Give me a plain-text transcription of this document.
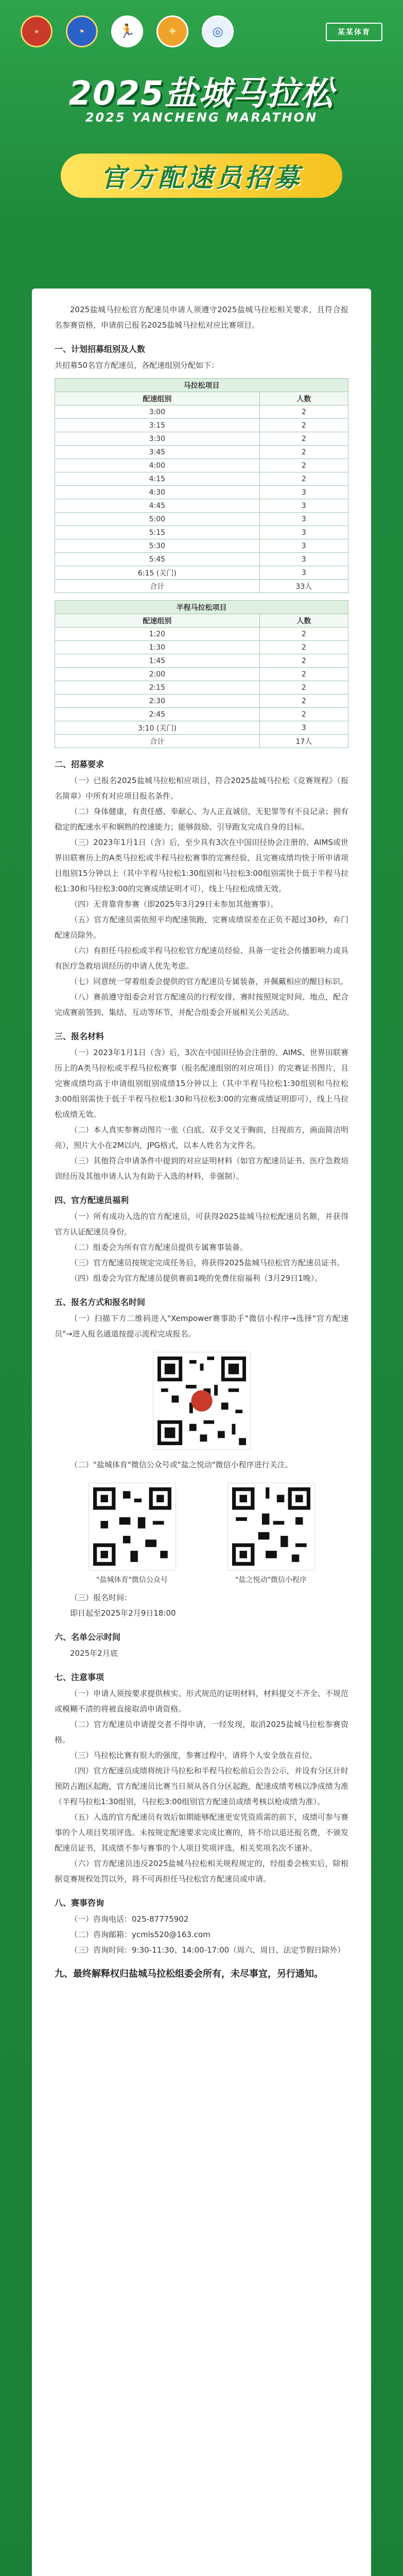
★	⚑	🏃	✦	◎	某某体育
2025盐城马拉松
2025 YANCHENG MARATHON
官方配速员招募

2025盐城马拉松官方配速员申请人须遵守2025盐城马拉松相关要求，且符合报名参赛资格，申请前已报名2025盐城马拉松对应比赛项目。

一、计划招募组别及人数

共招募50名官方配速员，各配速组别分配如下：

马拉松项目	
配速组别	人数
3:00	2
3:15	2
3:30	2
3:45	2
4:00	2
4:15	2
4:30	3
4:45	3
5:00	3
5:15	3
5:30	3
5:45	3
6:15 (关门)	3
合计	33人
半程马拉松项目	
配速组别	人数
1:20	2
1:30	2
1:45	2
2:00	2
2:15	2
2:30	2
2:45	2
3:10 (关门)	3
合计	17人
二、招募要求

（一）已报名2025盐城马拉松相应项目，符合2025盐城马拉松《竞赛规程》（报名简章）中所有对应项目报名条件。

（二）身体健康，有责任感、奉献心、为人正直诚信，无犯罪等有不良记录；拥有稳定的配速水平和娴熟的控速能力；能够鼓励、引导跑友完成自身的目标。

（三）2023年1月1日（含）后，至少具有3次在中国田径协会注册的、AIMS或世界田联赛历上的A类马拉松或半程马拉松赛事的完赛经验，且完赛成绩均快于所申请项目组别15分钟以上（其中半程马拉松1:30组别和马拉松3:00组别需快于低于半程马拉松1:30和马拉松3:00的完赛成绩证明才可），线上马拉松成绩无效。

（四）无背靠背参赛（即2025年3月29日未参加其他赛事）。

（五）官方配速员需依照平均配速领跑，完赛成绩误差在正负不超过30秒，弃门配速员除外。

（六）有担任马拉松或半程马拉松官方配速员经验、具备一定社会传播影响力或具有医疗急救培训经历的申请人优先考虑。

（七）同意统一穿着组委会提供的官方配速员专属装备，并佩戴相应的醒目标识。

（八）赛前遵守组委会对官方配速员的行程安排，赛时按照规定时间、地点，配合完成赛前签到、集结、互动等环节，并配合组委会开展相关公关活动。

三、报名材料

（一）2023年1月1日（含）后，3次在中国田径协会注册的、AIMS、世界田联赛历上的A类马拉松或半程马拉松赛事（报名配速组别的对应项目）的完赛证书图片，且完赛成绩均高于申请组别组别成绩15分钟以上（其中半程马拉松1:30组别和马拉松3:00组别需快于低于半程马拉松1:30和马拉松3:00的完赛成绩证明即可），线上马拉松成绩无效。

（二）本人真实参赛动图片一张（白底、双手交叉于胸前，目视前方，画面简洁明亮），照片大小在2M以内，JPG格式，以本人姓名为文件名。

（三）其他符合申请条件中提到的对应证明材料（如官方配速员证书、医疗急救培训经历及其他申请人认为有助于入选的材料，非强制）。

四、官方配速员福利

（一）所有成功入选的官方配速员，可获得2025盐城马拉松配速员名额，并获得官方认证配速员身份。

（二）组委会为所有官方配速员提供专属赛事装备。

（三）官方配速员按规定完成任务后，将获得2025盐城马拉松官方配速员证书。

（四）组委会为官方配速员提供赛前1晚的免费住宿福利（3月29日1晚）。

五、报名方式和报名时间

（一）扫描下方二维码进入"Xempower赛事助手"微信小程序→选择"官方配速员"→进入报名通道按提示流程完成报名。

（二）"盐城体育"微信公众号或"盐之悦动"微信小程序进行关注。

"盐城体育"微信公众号	"盐之悦动"微信小程序

（三）报名时间：

即日起至2025年2月9日18:00

六、名单公示时间

2025年2月底

七、注意事项

（一）申请人须按要求提供核实、形式规范的证明材料，材料提交不齐全、不规范或模糊不清的将被直接取消申请资格。

（二）官方配速员申请提交者不得申请，一经发现，取消2025盐城马拉松参赛资格。

（三）马拉松比赛有很大的强度，参赛过程中，请将个人安全放在首位。

（四）官方配速员成绩将统计马拉松和半程马拉松前后公告公示，并设有分区计时预防占跑区起跑，官方配速员比赛当日须从各自分区起跑，配速成绩考核以净成绩为准（半程马拉松1:30组别，马拉松3:00组别官方配速员成绩考核以枪成绩为准）。

（五）入选的官方配速员有效后如期能够配速更安凭资质需的前下，成绩可参与赛事的个人项目奖项评选。未按规定配速要求完成比赛的，将不给以退还报名费，不颁发配速员证书，其成绩不参与赛事的个人项目奖项评选，相关奖项名次不递补。

（六）官方配速员违反2025盐城马拉松相关规程规定的，经组委会核实后，除根据竞赛规程处罚以外，将不可再担任马拉松官方配速员或申请。

八、赛事咨询

（一）咨询电话：025-87775902

（二）咨询邮箱：ycmls520@163.com

（三）咨询时间：9:30-11:30、14:00-17:00（周六、周日、法定节假日除外）

九、最终解释权归盐城马拉松组委会所有，未尽事宜，另行通知。
